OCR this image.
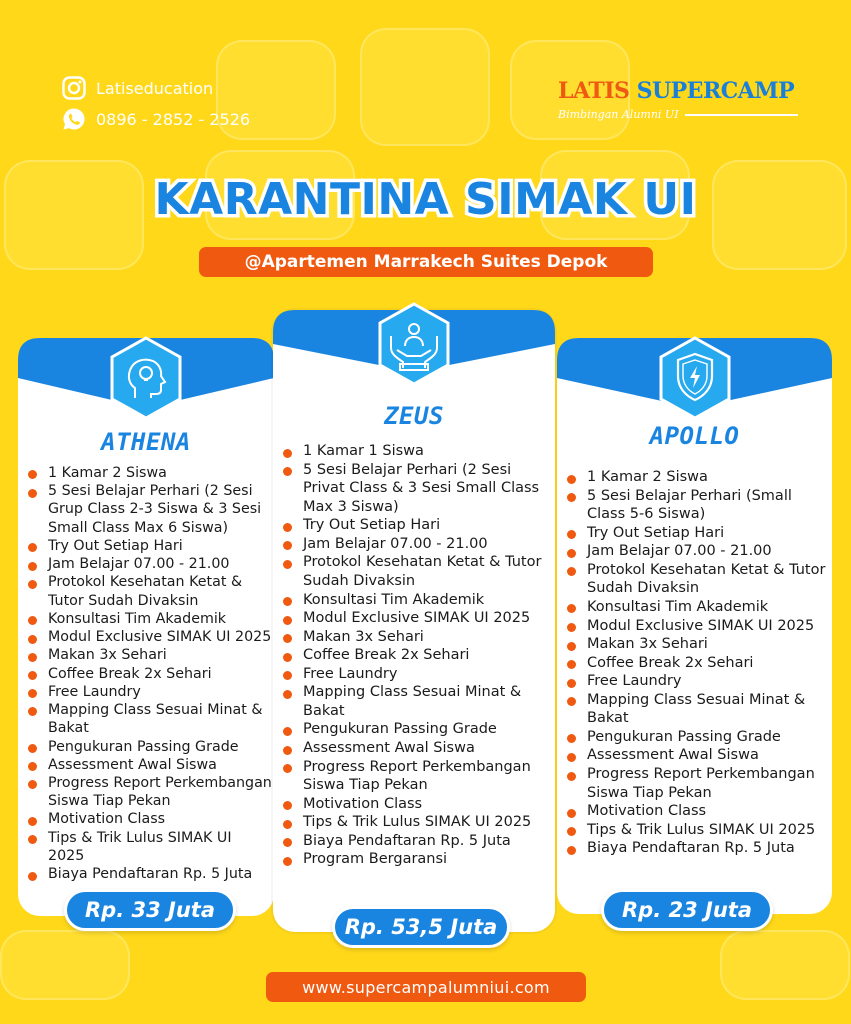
Latiseducation
0896 - 2852 - 2526
LATIS SUPERCAMP
Bimbingan Alumni UI
KARANTINA SIMAK UI
@Apartemen Marrakech Suites Depok
ATHENA
1 Kamar 2 Siswa
5 Sesi Belajar Perhari (2 Sesi Grup Class 2-3 Siswa & 3 Sesi Small Class Max 6 Siswa)
Try Out Setiap Hari
Jam Belajar 07.00 - 21.00
Protokol Kesehatan Ketat & Tutor Sudah Divaksin
Konsultasi Tim Akademik
Modul Exclusive SIMAK UI 2025
Makan 3x Sehari
Coffee Break 2x Sehari
Free Laundry
Mapping Class Sesuai Minat & Bakat
Pengukuran Passing Grade
Assessment Awal Siswa
Progress Report Perkembangan Siswa Tiap Pekan
Motivation Class
Tips & Trik Lulus SIMAK UI 2025
Biaya Pendaftaran Rp. 5 Juta
Rp. 33 Juta
APOLLO
1 Kamar 2 Siswa
5 Sesi Belajar Perhari (Small Class 5-6 Siswa)
Try Out Setiap Hari
Jam Belajar 07.00 - 21.00
Protokol Kesehatan Ketat & Tutor Sudah Divaksin
Konsultasi Tim Akademik
Modul Exclusive SIMAK UI 2025
Makan 3x Sehari
Coffee Break 2x Sehari
Free Laundry
Mapping Class Sesuai Minat & Bakat
Pengukuran Passing Grade
Assessment Awal Siswa
Progress Report Perkembangan Siswa Tiap Pekan
Motivation Class
Tips & Trik Lulus SIMAK UI 2025
Biaya Pendaftaran Rp. 5 Juta
Rp. 23 Juta
ZEUS
1 Kamar 1 Siswa
5 Sesi Belajar Perhari (2 Sesi Privat Class & 3 Sesi Small Class Max 3 Siswa)
Try Out Setiap Hari
Jam Belajar 07.00 - 21.00
Protokol Kesehatan Ketat & Tutor Sudah Divaksin
Konsultasi Tim Akademik
Modul Exclusive SIMAK UI 2025
Makan 3x Sehari
Coffee Break 2x Sehari
Free Laundry
Mapping Class Sesuai Minat & Bakat
Pengukuran Passing Grade
Assessment Awal Siswa
Progress Report Perkembangan Siswa Tiap Pekan
Motivation Class
Tips & Trik Lulus SIMAK UI 2025
Biaya Pendaftaran Rp. 5 Juta
Program Bergaransi
Rp. 53,5 Juta
www.supercampalumniui.com
